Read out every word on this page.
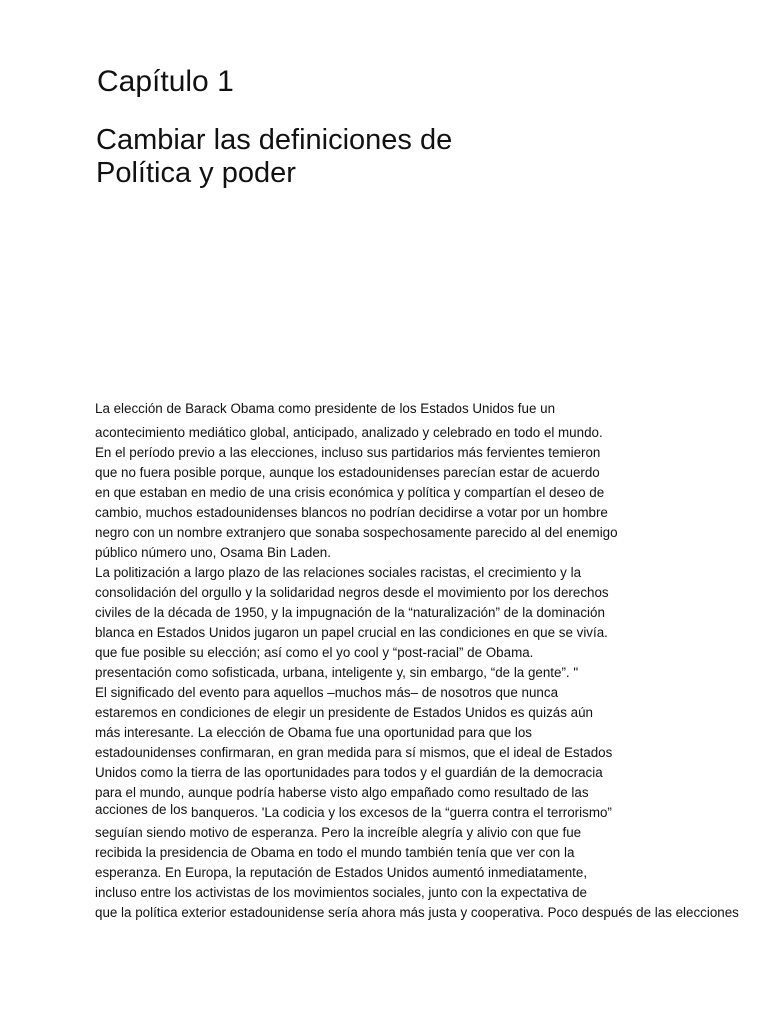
Capítulo 1
Cambiar las definiciones de
Política y poder
La elección de Barack Obama como presidente de los Estados Unidos fue un
acontecimiento mediático global, anticipado, analizado y celebrado en todo el mundo.
En el período previo a las elecciones, incluso sus partidarios más fervientes temieron
que no fuera posible porque, aunque los estadounidenses parecían estar de acuerdo
en que estaban en medio de una crisis económica y política y compartían el deseo de
cambio, muchos estadounidenses blancos no podrían decidirse a votar por un hombre
negro con un nombre extranjero que sonaba sospechosamente parecido al del enemigo
público número uno, Osama Bin Laden.
La politización a largo plazo de las relaciones sociales racistas, el crecimiento y la
consolidación del orgullo y la solidaridad negros desde el movimiento por los derechos
civiles de la década de 1950, y la impugnación de la “naturalización” de la dominación
blanca en Estados Unidos jugaron un papel crucial en las condiciones en que se vivía.
que fue posible su elección; así como el yo cool y “post-racial” de Obama.
presentación como sofisticada, urbana, inteligente y, sin embargo, “de la gente”. "
El significado del evento para aquellos –muchos más– de nosotros que nunca
estaremos en condiciones de elegir un presidente de Estados Unidos es quizás aún
más interesante. La elección de Obama fue una oportunidad para que los
estadounidenses confirmaran, en gran medida para sí mismos, que el ideal de Estados
Unidos como la tierra de las oportunidades para todos y el guardián de la democracia
para el mundo, aunque podría haberse visto algo empañado como resultado de las
acciones de los banqueros. 'La codicia y los excesos de la “guerra contra el terrorismo”
seguían siendo motivo de esperanza. Pero la increíble alegría y alivio con que fue
recibida la presidencia de Obama en todo el mundo también tenía que ver con la
esperanza. En Europa, la reputación de Estados Unidos aumentó inmediatamente,
incluso entre los activistas de los movimientos sociales, junto con la expectativa de
que la política exterior estadounidense sería ahora más justa y cooperativa. Poco después de las elecciones
